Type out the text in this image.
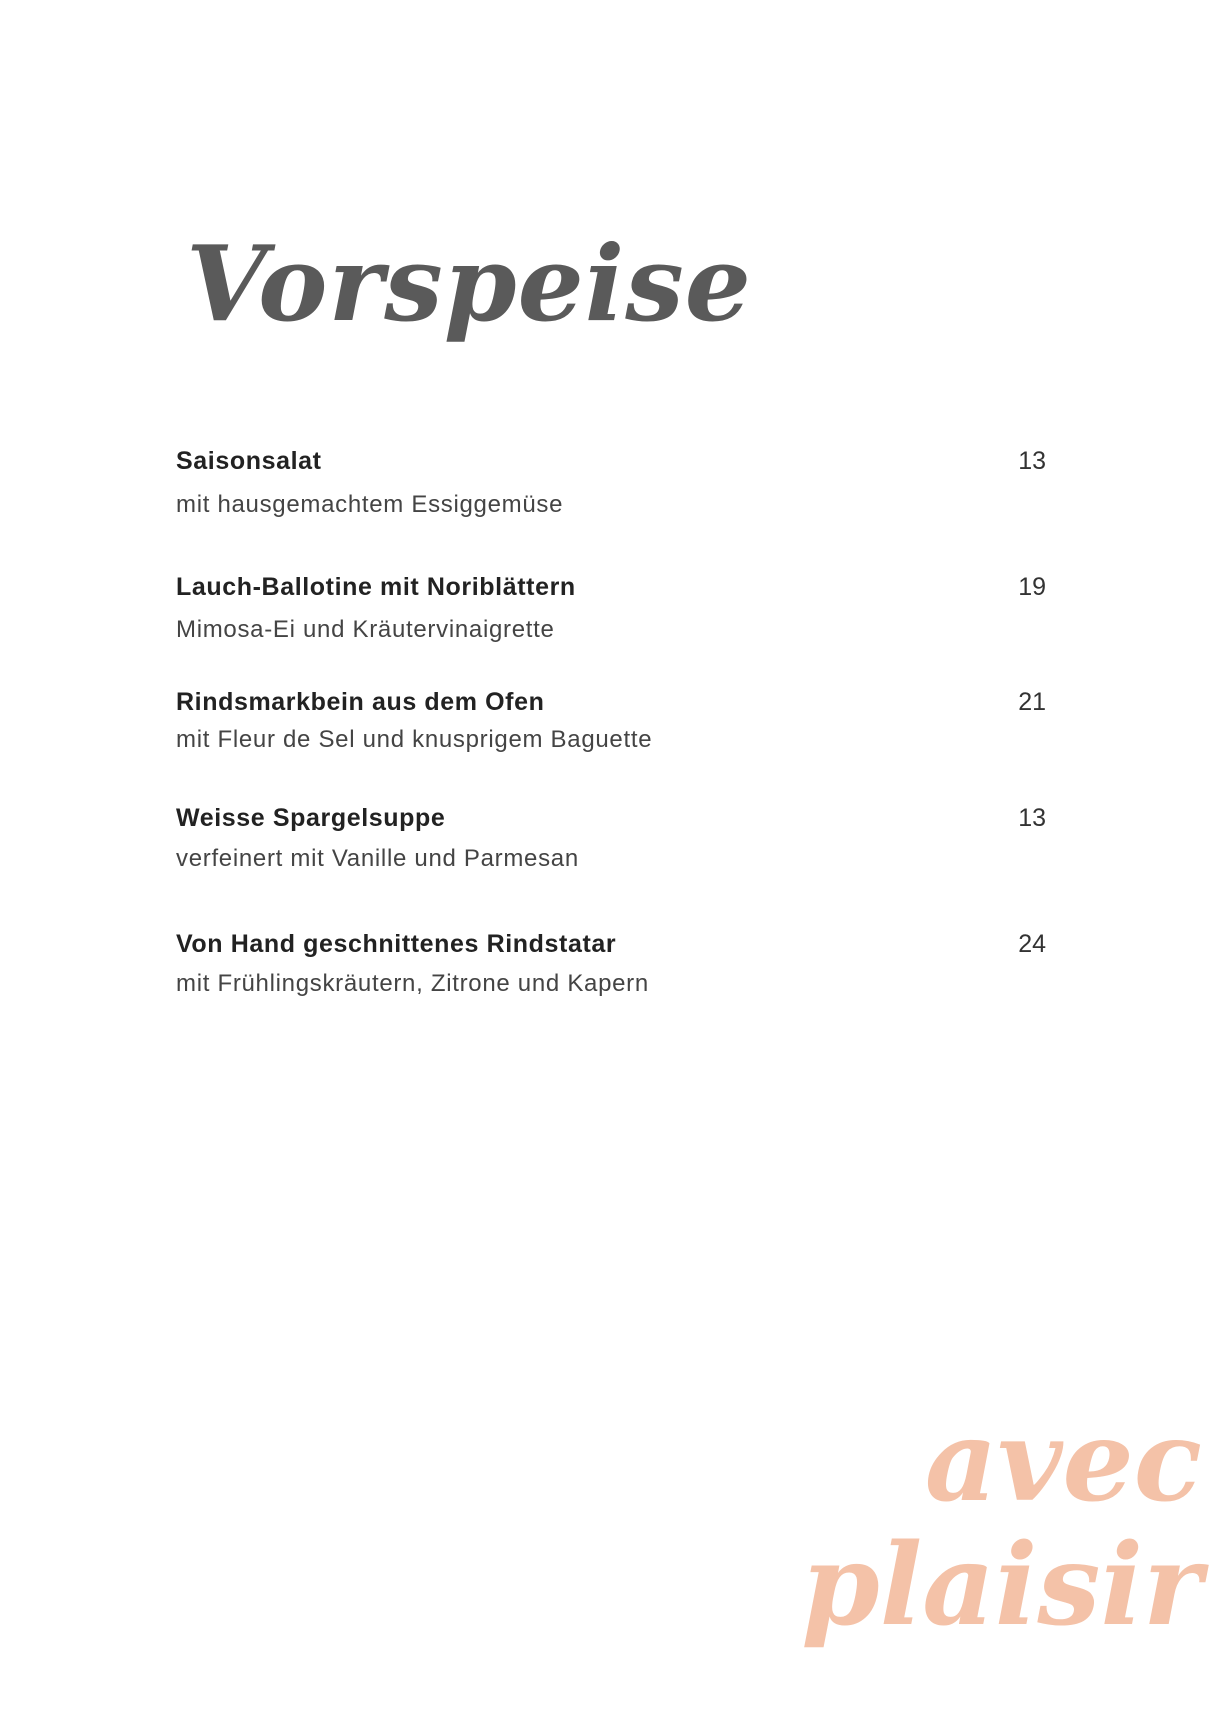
Vorspeise
Saisonsalat	13
mit hausgemachtem Essiggemüse
Lauch-Ballotine mit Noriblättern	19
Mimosa-Ei und Kräutervinaigrette
Rindsmarkbein aus dem Ofen	21
mit Fleur de Sel und knusprigem Baguette
Weisse Spargelsuppe	13
verfeinert mit Vanille und Parmesan
Von Hand geschnittenes Rindstatar	24
mit Frühlingskräutern, Zitrone und Kapern
avec
plaisir
